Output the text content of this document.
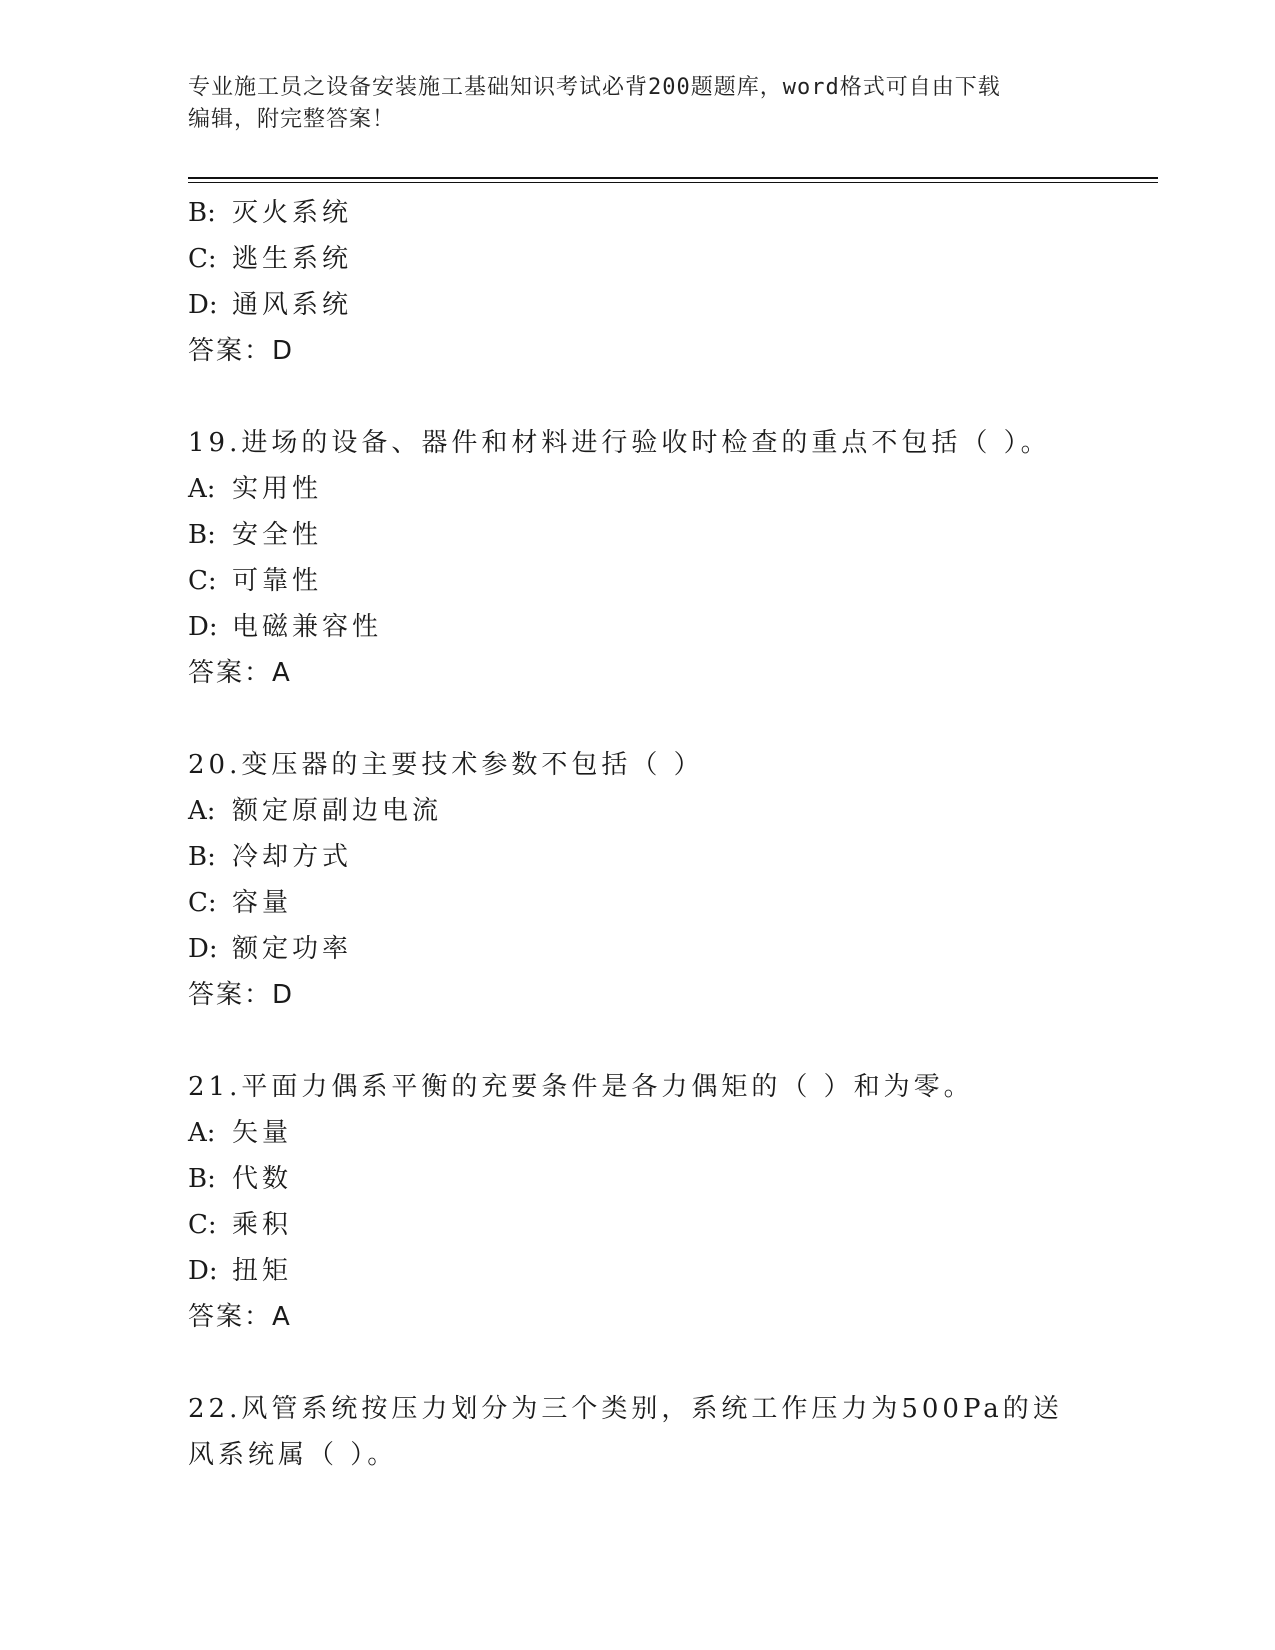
专业施工员之设备安装施工基础知识考试必背200题题库，word格式可自由下载
编辑，附完整答案！
B: 灭火系统
C: 逃生系统
D: 通风系统
答案：D
19.进场的设备、器件和材料进行验收时检查的重点不包括（ ）。
A: 实用性
B: 安全性
C: 可靠性
D: 电磁兼容性
答案：A
20.变压器的主要技术参数不包括（ ）
A: 额定原副边电流
B: 冷却方式
C: 容量
D: 额定功率
答案：D
21.平面力偶系平衡的充要条件是各力偶矩的（ ）和为零。
A: 矢量
B: 代数
C: 乘积
D: 扭矩
答案：A
22.风管系统按压力划分为三个类别，系统工作压力为500Pa的送风系统属（ ）。
